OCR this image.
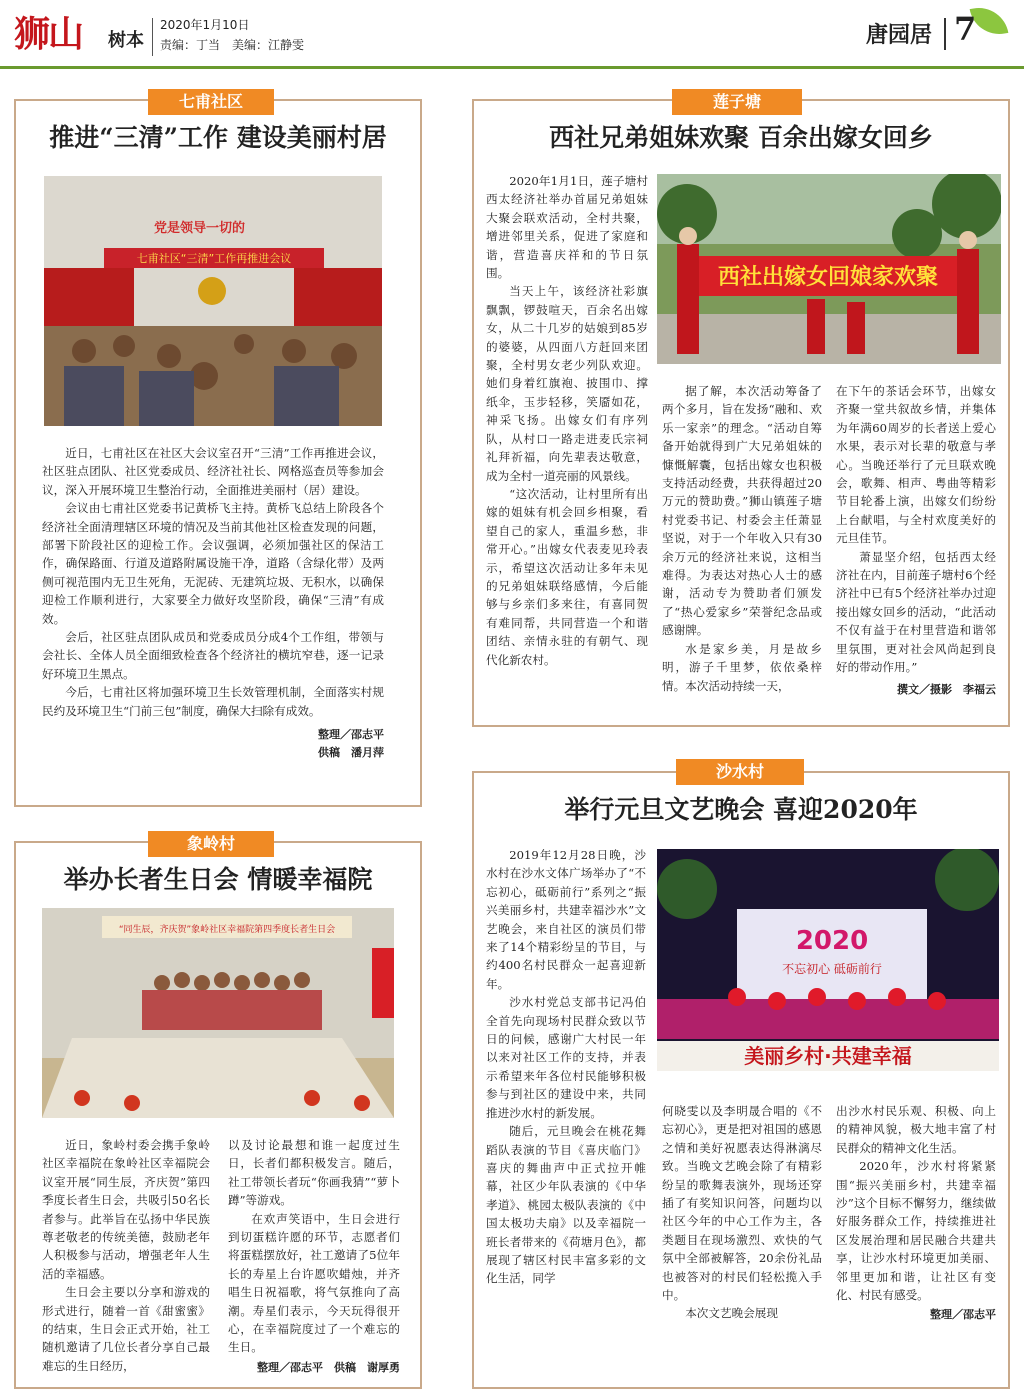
狮山 树本
2020年1月10日
责编：丁当 美编：江静雯	唐园居 7
七甫社区
推进“三清”工作 建设美丽村居
七甫社区“三清”工作再推进会议
党是领导一切的

近日，七甫社区在社区大会议室召开“三清”工作再推进会议，社区驻点团队、社区党委成员、经济社社长、网格巡查员等参加会议，深入开展环境卫生整治行动，全面推进美丽村（居）建设。

会议由七甫社区党委书记黄桥飞主持。黄桥飞总结上阶段各个经济社全面清理辖区环境的情况及当前其他社区检查发现的问题，部署下阶段社区的迎检工作。会议强调，必须加强社区的保洁工作，确保路面、行道及道路附属设施干净，道路（含绿化带）及两侧可视范围内无卫生死角，无泥砖、无建筑垃圾、无积水，以确保迎检工作顺利进行，大家要全力做好攻坚阶段，确保“三清”有成效。

会后，社区驻点团队成员和党委成员分成4个工作组，带领与会社长、全体人员全面细致检查各个经济社的横坑窄巷，逐一记录好环境卫生黑点。

今后，七甫社区将加强环境卫生长效管理机制，全面落实村规民约及环境卫生“门前三包”制度，确保大扫除有成效。

整理／邵志平
供稿　潘月萍
莲子塘
西社兄弟姐妹欢聚 百余出嫁女回乡

2020年1月1日，莲子塘村西太经济社举办首届兄弟姐妹大聚会联欢活动，全村共聚，增进邻里关系，促进了家庭和谐，营造喜庆祥和的节日氛围。

当天上午，该经济社彩旗飘飘，锣鼓喧天，百余名出嫁女，从二十几岁的姑娘到85岁的婆婆，从四面八方赶回来团聚，全村男女老少列队欢迎。她们身着红旗袍、披围巾、撑纸伞，玉步轻移，笑靥如花，神采飞扬。出嫁女们有序列队，从村口一路走进麦氏宗祠礼拜祈福，向先辈表达敬意，成为全村一道亮丽的风景线。

“这次活动，让村里所有出嫁的姐妹有机会回乡相聚，看望自己的家人，重温乡愁，非常开心。”出嫁女代表麦见玲表示，希望这次活动让多年未见的兄弟姐妹联络感情，今后能够与乡亲们多来往，有喜同贺有难同帮，共同营造一个和谐团结、亲情永驻的有朝气、现代化新农村。

西社出嫁女回娘家欢聚

据了解，本次活动筹备了两个多月，旨在发扬“融和、欢乐一家亲”的理念。“活动自筹备开始就得到广大兄弟姐妹的慷慨解囊，包括出嫁女也积极支持活动经费，共获得超过20万元的赞助费。”狮山镇莲子塘村党委书记、村委会主任萧显坚说，对于一个年收入只有30余万元的经济社来说，这相当难得。为表达对热心人士的感谢，活动专为赞助者们颁发了“热心爱家乡”荣誉纪念品或感谢牌。

水是家乡美，月是故乡明，游子千里梦，依依桑梓情。本次活动持续一天，

在下午的茶话会环节，出嫁女齐聚一堂共叙故乡情，并集体为年满60周岁的长者送上爱心水果，表示对长辈的敬意与孝心。当晚还举行了元旦联欢晚会，歌舞、相声、粤曲等精彩节目轮番上演，出嫁女们纷纷上台献唱，与全村欢度美好的元旦佳节。

萧显坚介绍，包括西太经济社在内，目前莲子塘村6个经济社中已有5个经济社举办过迎接出嫁女回乡的活动，“此活动不仅有益于在村里营造和谐邻里氛围，更对社会风尚起到良好的带动作用。”

撰文／摄影　李福云
象岭村
举办长者生日会 情暖幸福院
“同生辰，齐庆贺”象岭社区幸福院第四季度长者生日会

近日，象岭村委会携手象岭社区幸福院在象岭社区幸福院会议室开展“同生辰，齐庆贺”第四季度长者生日会，共吸引50名长者参与。此举旨在弘扬中华民族尊老敬老的传统美德，鼓励老年人积极参与活动，增强老年人生活的幸福感。

生日会主要以分享和游戏的形式进行，随着一首《甜蜜蜜》的结束，生日会正式开始，社工随机邀请了几位长者分享自己最难忘的生日经历，

以及讨论最想和谁一起度过生日，长者们都积极发言。随后，社工带领长者玩“你画我猜”“萝卜蹲”等游戏。

在欢声笑语中，生日会进行到切蛋糕许愿的环节，志愿者们将蛋糕摆放好，社工邀请了5位年长的寿星上台许愿吹蜡烛，并齐唱生日祝福歌，将气氛推向了高潮。寿星们表示，今天玩得很开心，在幸福院度过了一个难忘的生日。

整理／邵志平　供稿　谢厚勇
沙水村
举行元旦文艺晚会 喜迎2020年

2019年12月28日晚，沙水村在沙水文体广场举办了“不忘初心，砥砺前行”系列之“振兴美丽乡村，共建幸福沙水”文艺晚会，来自社区的演员们带来了14个精彩纷呈的节目，与约400名村民群众一起喜迎新年。

沙水村党总支部书记冯伯全首先向现场村民群众致以节日的问候，感谢广大村民一年以来对社区工作的支持，并表示希望来年各位村民能够积极参与到社区的建设中来，共同推进沙水村的新发展。

随后，元旦晚会在桃花舞蹈队表演的节目《喜庆临门》喜庆的舞曲声中正式拉开帷幕，社区少年队表演的《中华孝道》、桃园太极队表演的《中国太极功夫扇》以及幸福院一班长者带来的《荷塘月色》，都展现了辖区村民丰富多彩的文化生活，同学

2020
不忘初心 砥砺前行
美丽乡村·共建幸福

何晓雯以及李明晟合唱的《不忘初心》，更是把对祖国的感恩之情和美好祝愿表达得淋漓尽致。当晚文艺晚会除了有精彩纷呈的歌舞表演外，现场还穿插了有奖知识问答，问题均以社区今年的中心工作为主，各类题目在现场激烈、欢快的气氛中全部被解答，20余份礼品也被答对的村民们轻松揽入手中。

本次文艺晚会展现

出沙水村民乐观、积极、向上的精神风貌，极大地丰富了村民群众的精神文化生活。

2020年，沙水村将紧紧围“振兴美丽乡村，共建幸福沙”这个目标不懈努力，继续做好服务群众工作，持续推进社区发展治理和居民融合共建共享，让沙水村环境更加美丽、邻里更加和谐，让社区有变化、村民有感受。

整理／邵志平
